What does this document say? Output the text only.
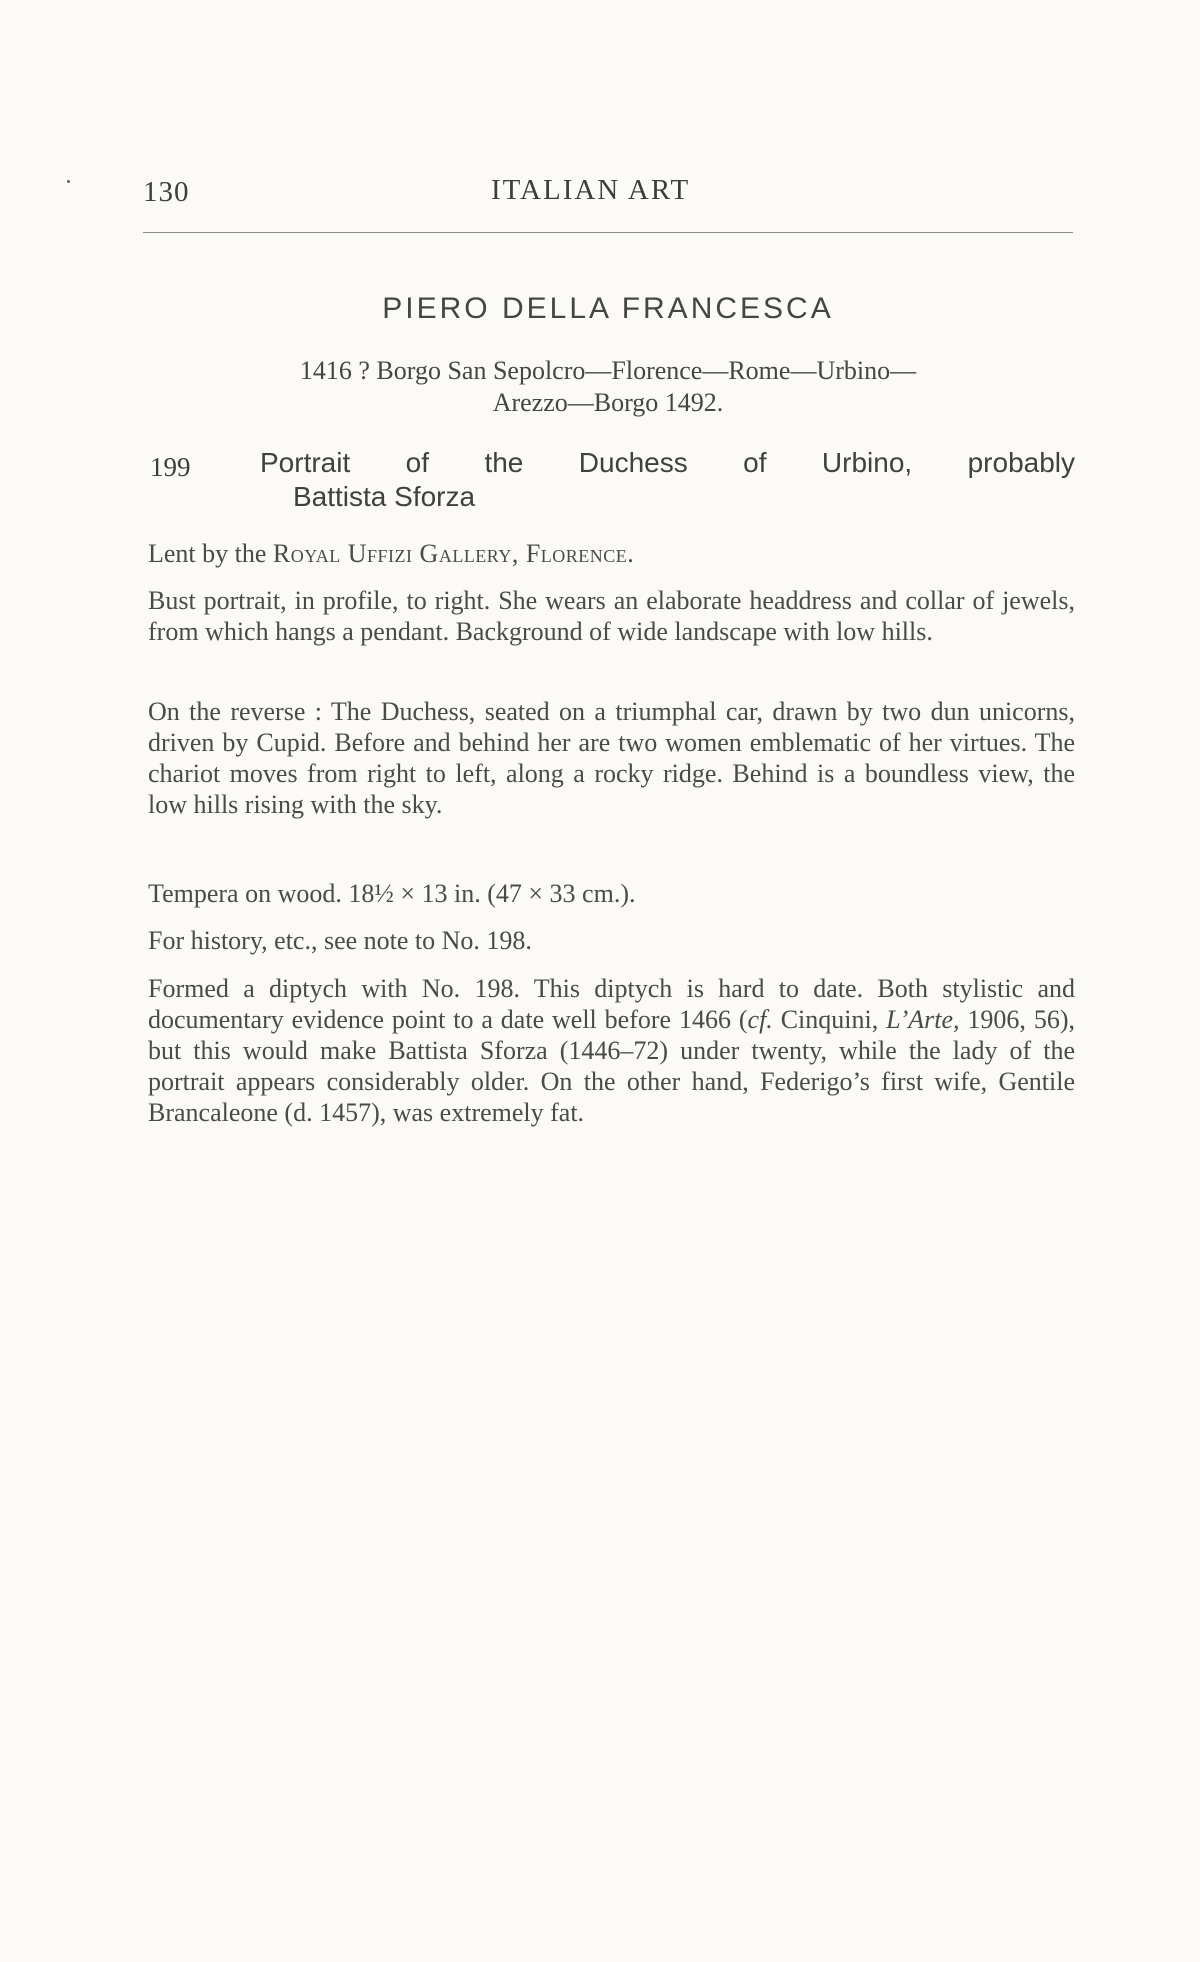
130	ITALIAN ART
PIERO DELLA FRANCESCA
1416 ? Borgo San Sepolcro—Florence—Rome—Urbino—
Arezzo—Borgo 1492.
199 Portrait of the Duchess of Urbino, probably
Battista Sforza

Lent by the Royal Uffizi Gallery, Florence.

Bust portrait, in profile, to right. She wears an elaborate headdress and collar of jewels, from which hangs a pendant. Background of wide landscape with low hills.

On the reverse : The Duchess, seated on a triumphal car, drawn by two dun unicorns, driven by Cupid. Before and behind her are two women emblematic of her virtues. The chariot moves from right to left, along a rocky ridge. Behind is a boundless view, the low hills rising with the sky.

Tempera on wood. 18½ × 13 in. (47 × 33 cm.).

For history, etc., see note to No. 198.

Formed a diptych with No. 198. This diptych is hard to date. Both stylistic and documentary evidence point to a date well before 1466 (cf. Cinquini, L’Arte, 1906, 56), but this would make Battista Sforza (1446–72) under twenty, while the lady of the portrait appears considerably older. On the other hand, Federigo’s first wife, Gentile Brancaleone (d. 1457), was extremely fat.
